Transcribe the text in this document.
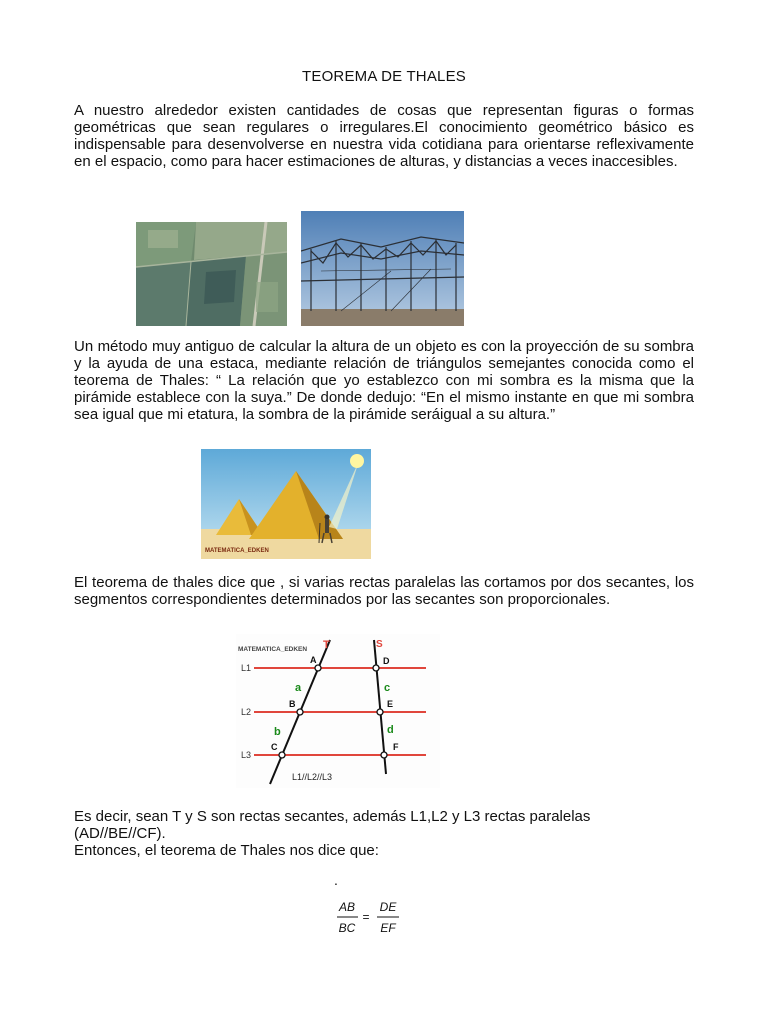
TEOREMA DE THALES
A nuestro alrededor existen cantidades de cosas que representan figuras o formas geométricas que sean regulares o irregulares.El conocimiento geométrico básico es indispensable para desenvolverse en nuestra vida cotidiana para orientarse reflexivamente en el espacio, como para hacer estimaciones de alturas, y distancias a veces inaccesibles.
Un método muy antiguo de calcular la altura de un objeto es con la proyección de su sombra y la ayuda de una estaca, mediante relación de triángulos semejantes conocida como el teorema de Thales: “ La relación que yo establezco con mi sombra es la misma que la pirámide establece con la suya.” De donde dedujo: “En el mismo instante en que mi sombra sea igual que mi etatura, la sombra de la pirámide seráigual a su altura.”
MATEMATICA_EDKEN
El teorema de thales dice que , si varias rectas paralelas las cortamos por dos secantes, los segmentos correspondientes determinados por las secantes son proporcionales.
MATEMATICA_EDKEN
L1
L2
L3
T	S
A
B
C
D
E
F
a
b
c
d
L1//L2//L3
Es decir, sean T y S son rectas secantes, además L1,L2 y L3 rectas paralelas
(AD//BE//CF).
Entonces, el teorema de Thales nos dice que:
.
AB
BC
=
DE
EF
